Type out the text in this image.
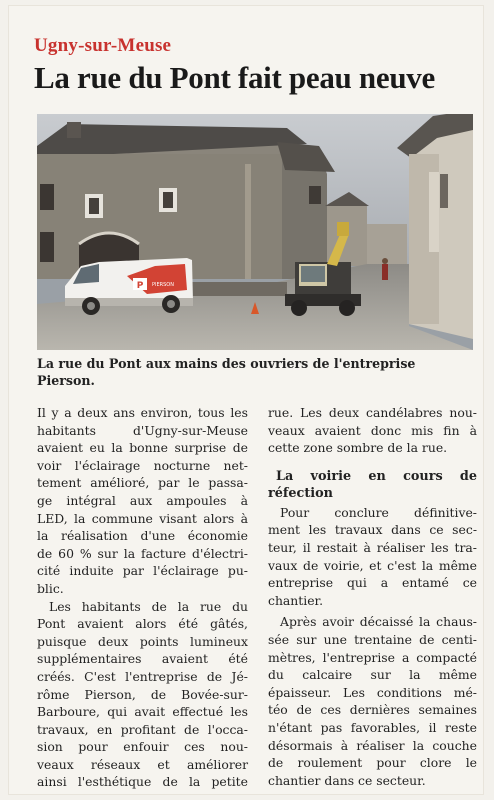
Ugny-sur-Meuse
La rue du Pont fait peau neuve
P PIERSON
La rue du Pont aux mains des ouvriers de l'entreprise Pierson.

Il y a deux ans environ, tous les
habitants d'Ugny-sur-Meuse
avaient eu la bonne surprise de
voir l'éclairage nocturne net-
tement amélioré, par le passa-
ge intégral aux ampoules à
LED, la commune visant alors à
la réalisation d'une économie
de 60 % sur la facture d'électri-
cité induite par l'éclairage pu-
blic.

Les habitants de la rue du
Pont avaient alors été gâtés,
puisque deux points lumineux
supplémentaires avaient été
créés. C'est l'entreprise de Jé-
rôme Pierson, de Bovée-sur-
Barboure, qui avait effectué les
travaux, en profitant de l'occa-
sion pour enfouir ces nou-
veaux réseaux et améliorer
ainsi l'esthétique de la petite

rue. Les deux candélabres nou-
veaux avaient donc mis fin à
cette zone sombre de la rue.

La voirie en cours de réfection

Pour conclure définitive-
ment les travaux dans ce sec-
teur, il restait à réaliser les tra-
vaux de voirie, et c'est la même
entreprise qui a entamé ce
chantier.

Après avoir décaissé la chaus-
sée sur une trentaine de centi-
mètres, l'entreprise a compacté
du calcaire sur la même
épaisseur. Les conditions mé-
téo de ces dernières semaines
n'étant pas favorables, il reste
désormais à réaliser la couche
de roulement pour clore le
chantier dans ce secteur.
